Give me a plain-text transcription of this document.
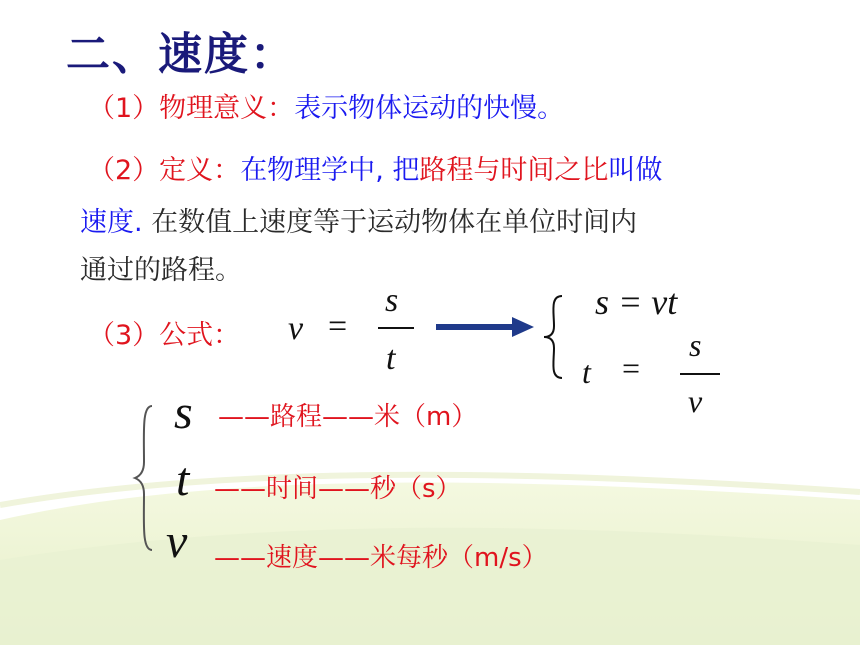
二、速度：
（1）物理意义：表示物体运动的快慢。
（2）定义：在物理学中, 把路程与时间之比叫做
速度. 在数值上速度等于运动物体在单位时间内
通过的路程。
（3）公式： v =
s
t
s = vt
t =
s
v
s ——路程——米（m）
t ——时间——秒（s）
v ——速度——米每秒（m/s）
